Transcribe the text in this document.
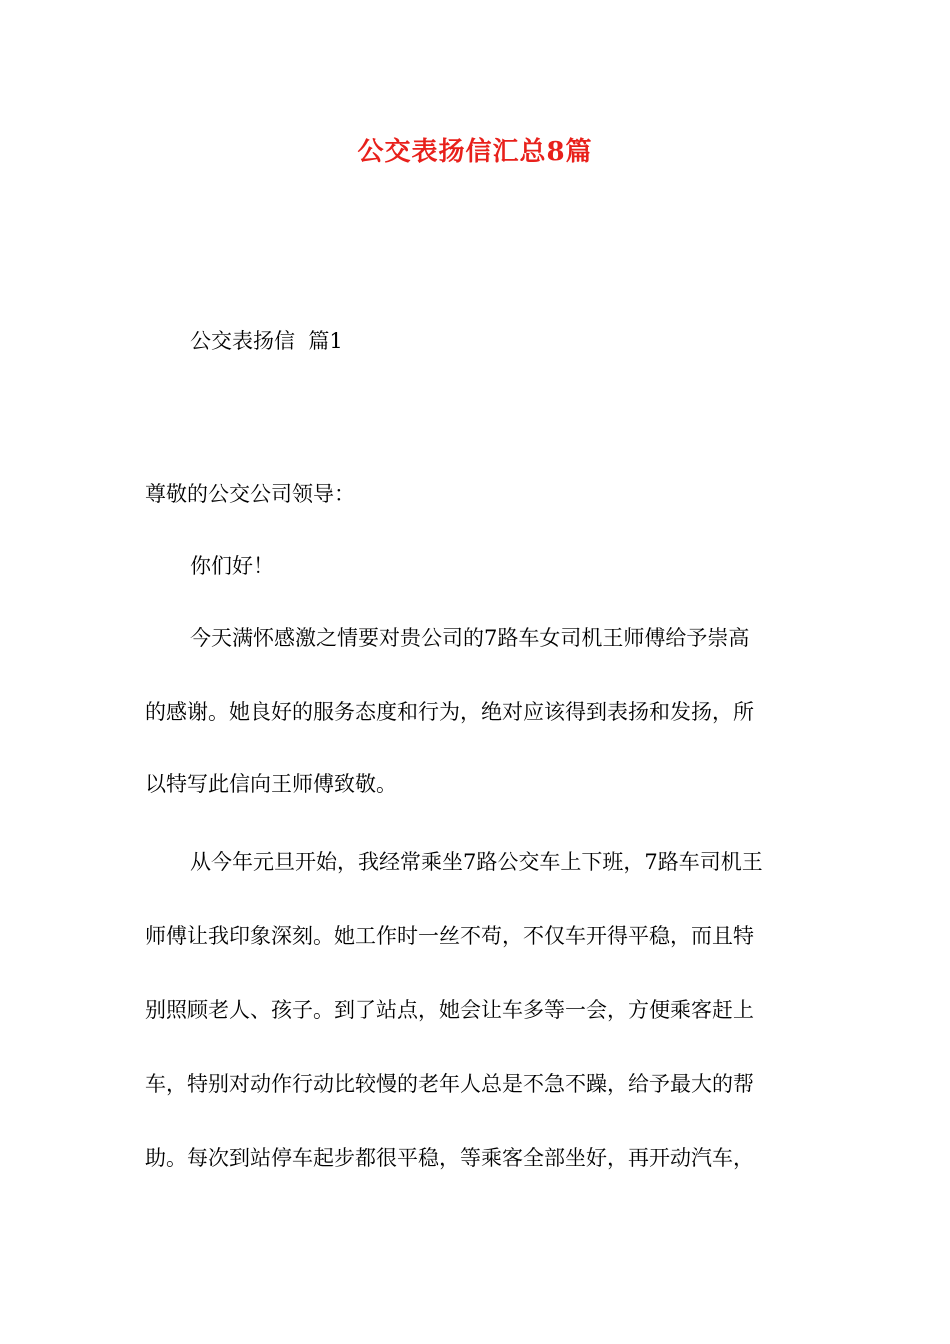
公交表扬信汇总8篇
公交表扬信  篇1
尊敬的公交公司领导：
你们好！
今天满怀感激之情要对贵公司的7路车女司机王师傅给予崇高
的感谢。她良好的服务态度和行为，绝对应该得到表扬和发扬，所
以特写此信向王师傅致敬。
从今年元旦开始，我经常乘坐7路公交车上下班，7路车司机王
师傅让我印象深刻。她工作时一丝不苟，不仅车开得平稳，而且特
别照顾老人、孩子。到了站点，她会让车多等一会，方便乘客赶上
车，特别对动作行动比较慢的老年人总是不急不躁，给予最大的帮
助。每次到站停车起步都很平稳，等乘客全部坐好，再开动汽车，
